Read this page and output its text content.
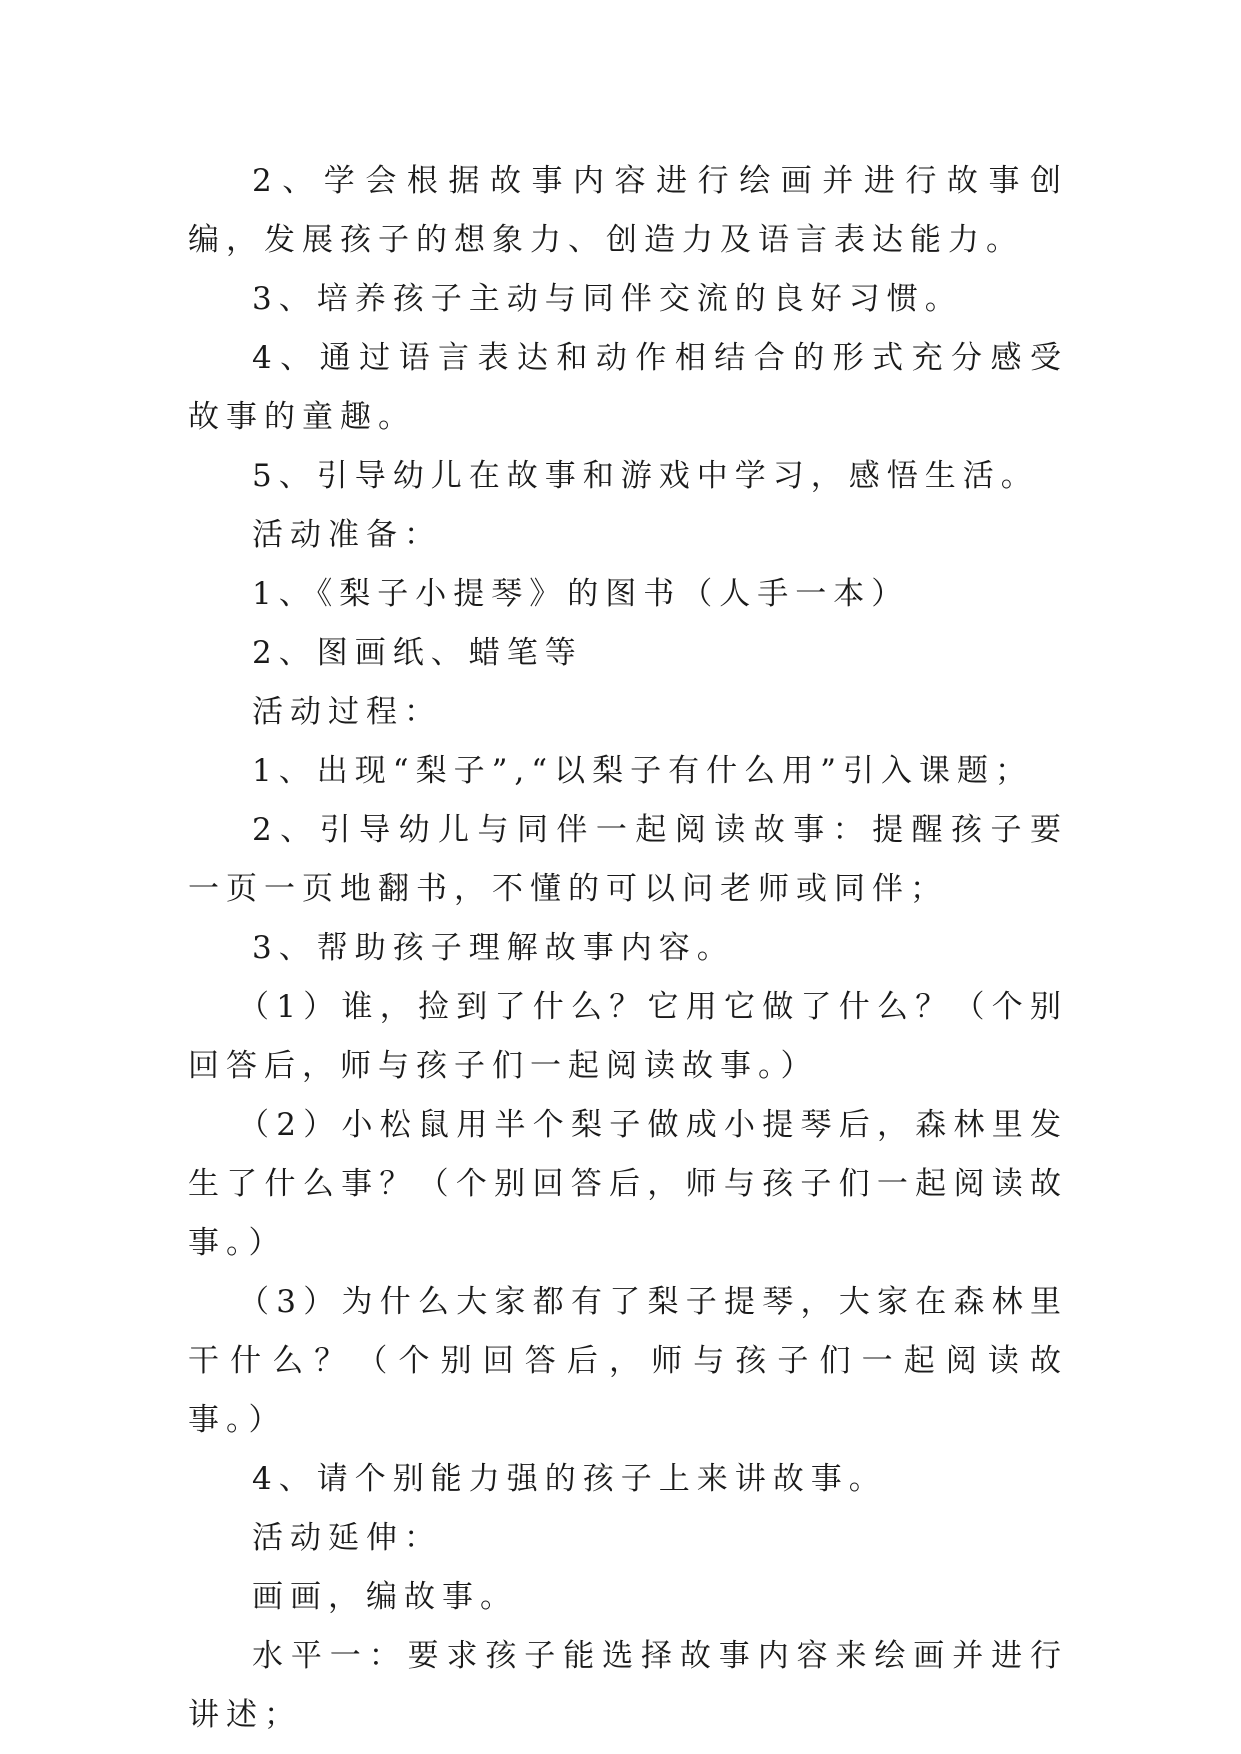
2、学会根据故事内容进行绘画并进行故事创编，发展孩子的想象力、创造力及语言表达能力。

3、培养孩子主动与同伴交流的良好习惯。

4、通过语言表达和动作相结合的形式充分感受故事的童趣。

5、引导幼儿在故事和游戏中学习，感悟生活。

活动准备：

1、《梨子小提琴》的图书（人手一本）

2、图画纸、蜡笔等

活动过程：

1、出现“梨子”,“以梨子有什么用”引入课题；

2、引导幼儿与同伴一起阅读故事：提醒孩子要一页一页地翻书，不懂的可以问老师或同伴；

3、帮助孩子理解故事内容。

（1）谁，捡到了什么？它用它做了什么？（个别回答后，师与孩子们一起阅读故事。）

（2）小松鼠用半个梨子做成小提琴后，森林里发生了什么事？（个别回答后，师与孩子们一起阅读故事。）

（3）为什么大家都有了梨子提琴，大家在森林里干什么？（个别回答后，师与孩子们一起阅读故事。）

4、请个别能力强的孩子上来讲故事。

活动延伸：

画画，编故事。

水平一：要求孩子能选择故事内容来绘画并进行讲述；
